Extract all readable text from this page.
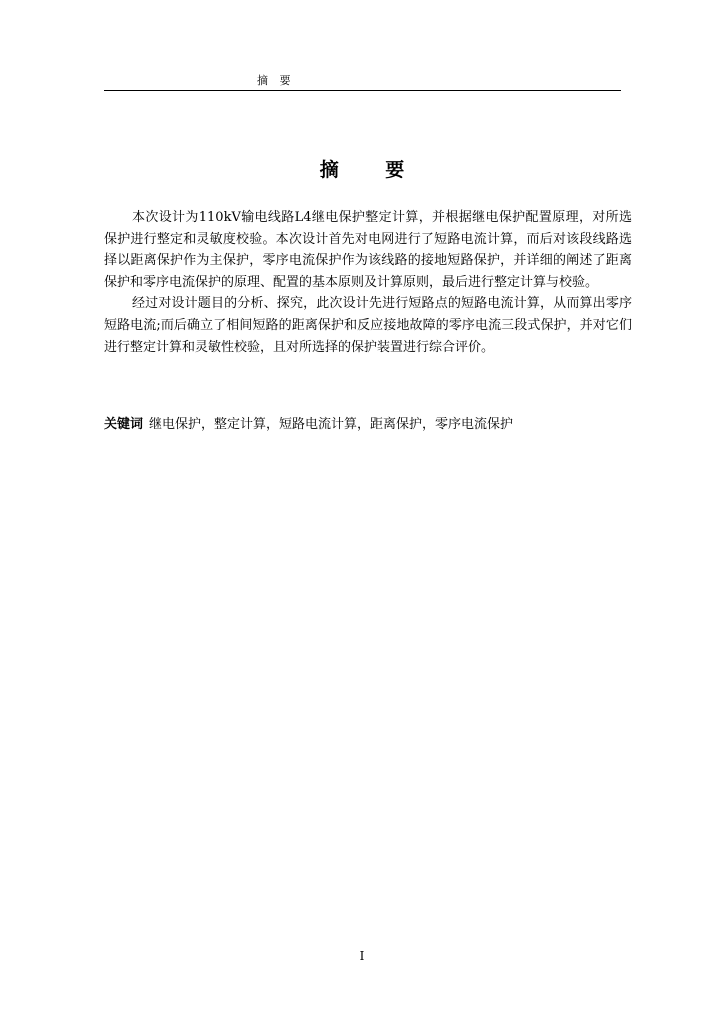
摘 要
摘 要

本次设计为110kV输电线路L4继电保护整定计算，并根据继电保护配置原理，对所选保护进行整定和灵敏度校验。本次设计首先对电网进行了短路电流计算，而后对该段线路选择以距离保护作为主保护，零序电流保护作为该线路的接地短路保护，并详细的阐述了距离保护和零序电流保护的原理、配置的基本原则及计算原则，最后进行整定计算与校验。

经过对设计题目的分析、探究，此次设计先进行短路点的短路电流计算，从而算出零序短路电流;而后确立了相间短路的距离保护和反应接地故障的零序电流三段式保护，并对它们进行整定计算和灵敏性校验，且对所选择的保护装置进行综合评价。

关键词 继电保护，整定计算，短路电流计算，距离保护，零序电流保护
I
